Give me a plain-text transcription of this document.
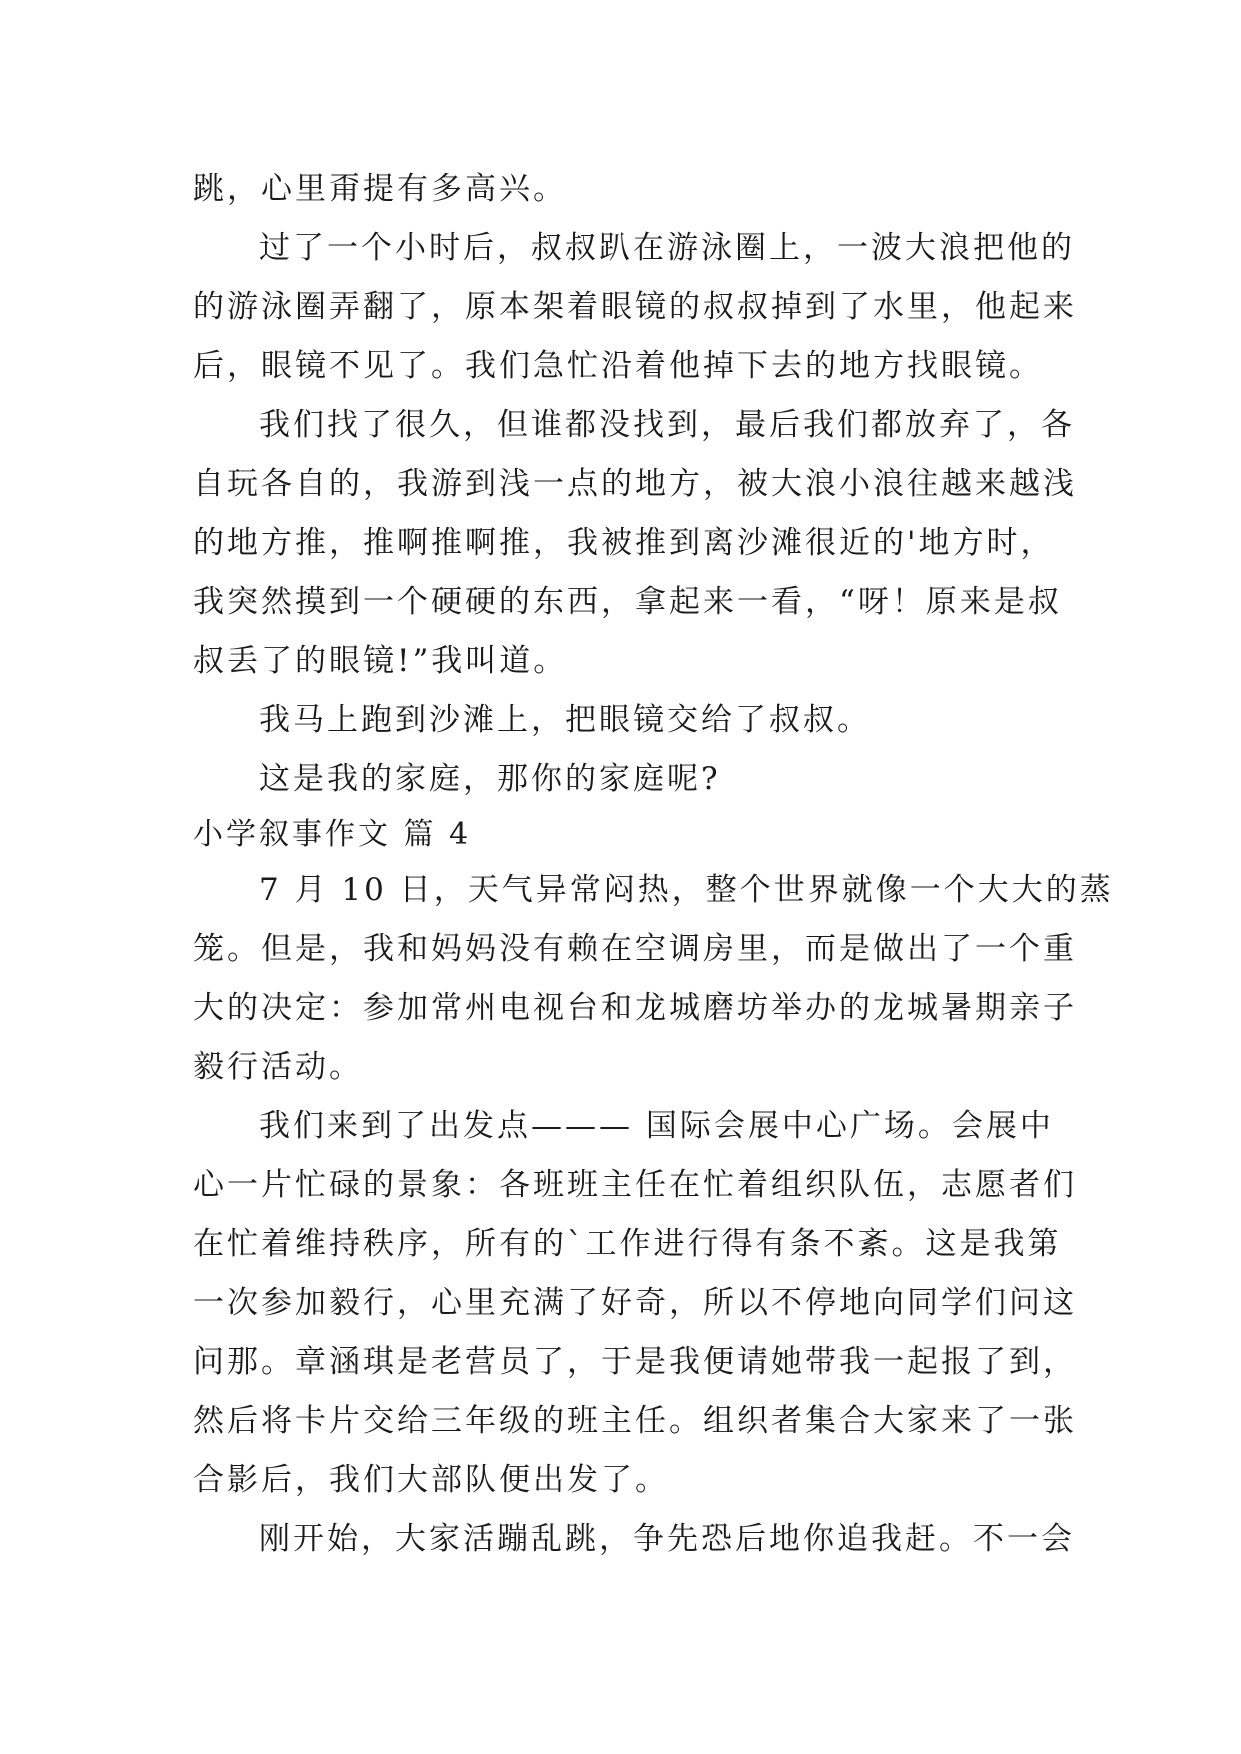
跳，心里甭提有多高兴。
过了一个小时后，叔叔趴在游泳圈上，一波大浪把他的
的游泳圈弄翻了，原本架着眼镜的叔叔掉到了水里，他起来
后，眼镜不见了。我们急忙沿着他掉下去的地方找眼镜。
我们找了很久，但谁都没找到，最后我们都放弃了，各
自玩各自的，我游到浅一点的地方，被大浪小浪往越来越浅
的地方推，推啊推啊推，我被推到离沙滩很近的'地方时，
我突然摸到一个硬硬的东西，拿起来一看，“呀！原来是叔
叔丢了的眼镜!”我叫道。
我马上跑到沙滩上，把眼镜交给了叔叔。
这是我的家庭，那你的家庭呢?
小学叙事作文 篇 4
7 月 10 日，天气异常闷热，整个世界就像一个大大的蒸
笼。但是，我和妈妈没有赖在空调房里，而是做出了一个重
大的决定：参加常州电视台和龙城磨坊举办的龙城暑期亲子
毅行活动。
我们来到了出发点——— 国际会展中心广场。会展中
心一片忙碌的景象：各班班主任在忙着组织队伍，志愿者们
在忙着维持秩序，所有的`工作进行得有条不紊。这是我第
一次参加毅行，心里充满了好奇，所以不停地向同学们问这
问那。章涵琪是老营员了，于是我便请她带我一起报了到，
然后将卡片交给三年级的班主任。组织者集合大家来了一张
合影后，我们大部队便出发了。
刚开始，大家活蹦乱跳，争先恐后地你追我赶。不一会
